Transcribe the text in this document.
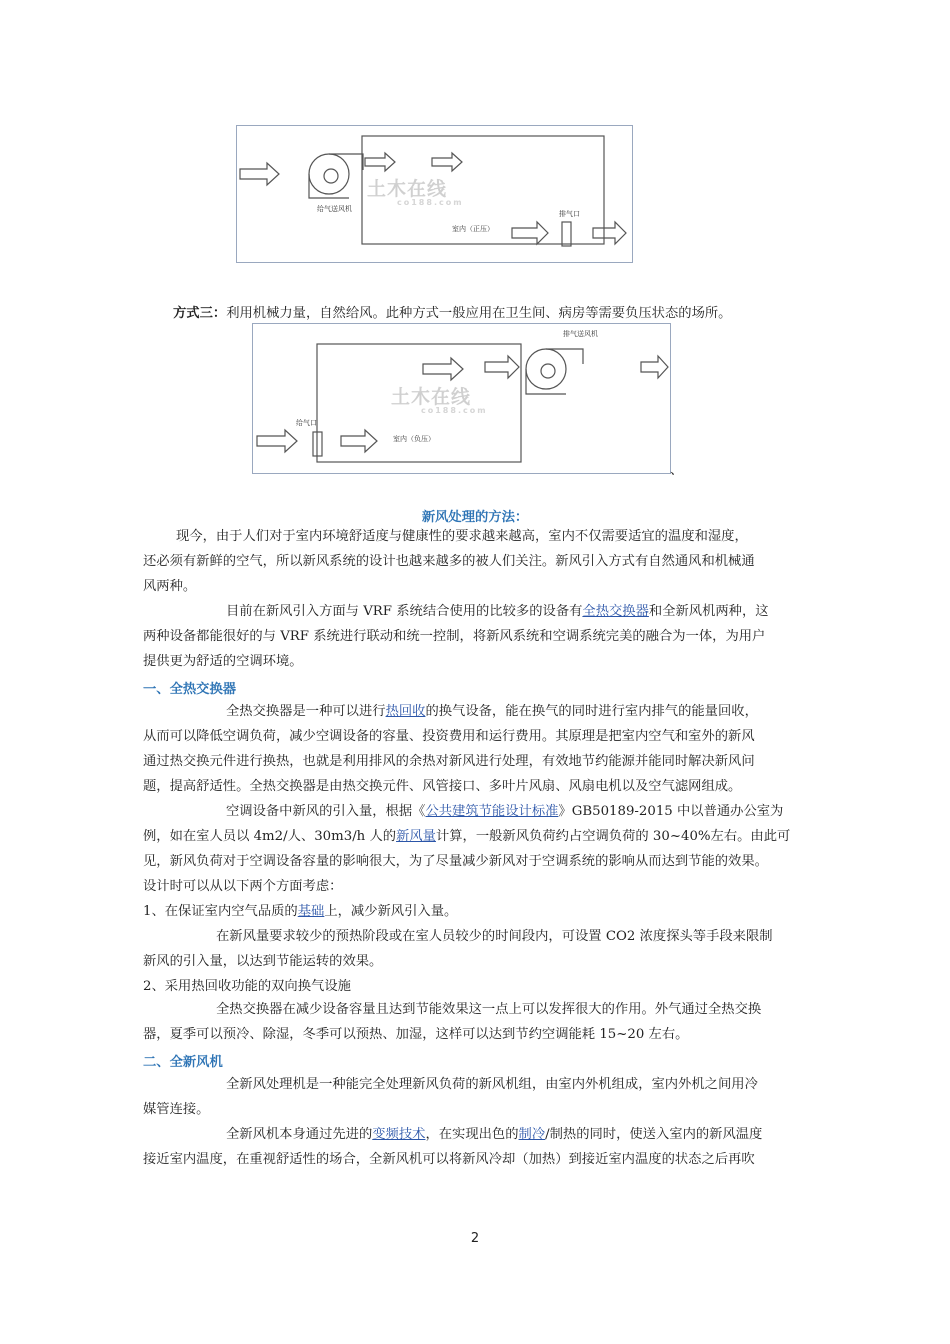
给气送风机
室内（正压）
排气口
土木在线
co188.com
方式三：利用机械力量，自然给风。此种方式一般应用在卫生间、病房等需要负压状态的场所。
排气送风机
给气口
室内（负压）
土木在线
co188.com
、
新风处理的方法：
现今，由于人们对于室内环境舒适度与健康性的要求越来越高，室内不仅需要适宜的温度和湿度，
还必须有新鲜的空气，所以新风系统的设计也越来越多的被人们关注。新风引入方式有自然通风和机械通
风两种。
目前在新风引入方面与 VRF 系统结合使用的比较多的设备有全热交换器和全新风机两种，这
两种设备都能很好的与 VRF 系统进行联动和统一控制，将新风系统和空调系统完美的融合为一体，为用户
提供更为舒适的空调环境。
一、全热交换器
全热交换器是一种可以进行热回收的换气设备，能在换气的同时进行室内排气的能量回收，
从而可以降低空调负荷，减少空调设备的容量、投资费用和运行费用。其原理是把室内空气和室外的新风
通过热交换元件进行换热，也就是利用排风的余热对新风进行处理，有效地节约能源并能同时解决新风问
题，提高舒适性。全热交换器是由热交换元件、风管接口、多叶片风扇、风扇电机以及空气滤网组成。
空调设备中新风的引入量，根据《公共建筑节能设计标准》GB50189-2015 中以普通办公室为
例，如在室人员以 4m2/人、30m3/h 人的新风量计算，一般新风负荷约占空调负荷的 30~40%左右。由此可
见，新风负荷对于空调设备容量的影响很大，为了尽量减少新风对于空调系统的影响从而达到节能的效果。
设计时可以从以下两个方面考虑：
1、在保证室内空气品质的基础上，减少新风引入量。
在新风量要求较少的预热阶段或在室人员较少的时间段内，可设置 CO2 浓度探头等手段来限制
新风的引入量，以达到节能运转的效果。
2、采用热回收功能的双向换气设施
全热交换器在减少设备容量且达到节能效果这一点上可以发挥很大的作用。外气通过全热交换
器，夏季可以预冷、除湿，冬季可以预热、加湿，这样可以达到节约空调能耗 15~20 左右。
二、全新风机
全新风处理机是一种能完全处理新风负荷的新风机组，由室内外机组成，室内外机之间用冷
媒管连接。
全新风机本身通过先进的变频技术，在实现出色的制冷/制热的同时，使送入室内的新风温度
接近室内温度，在重视舒适性的场合，全新风机可以将新风冷却（加热）到接近室内温度的状态之后再吹
2
